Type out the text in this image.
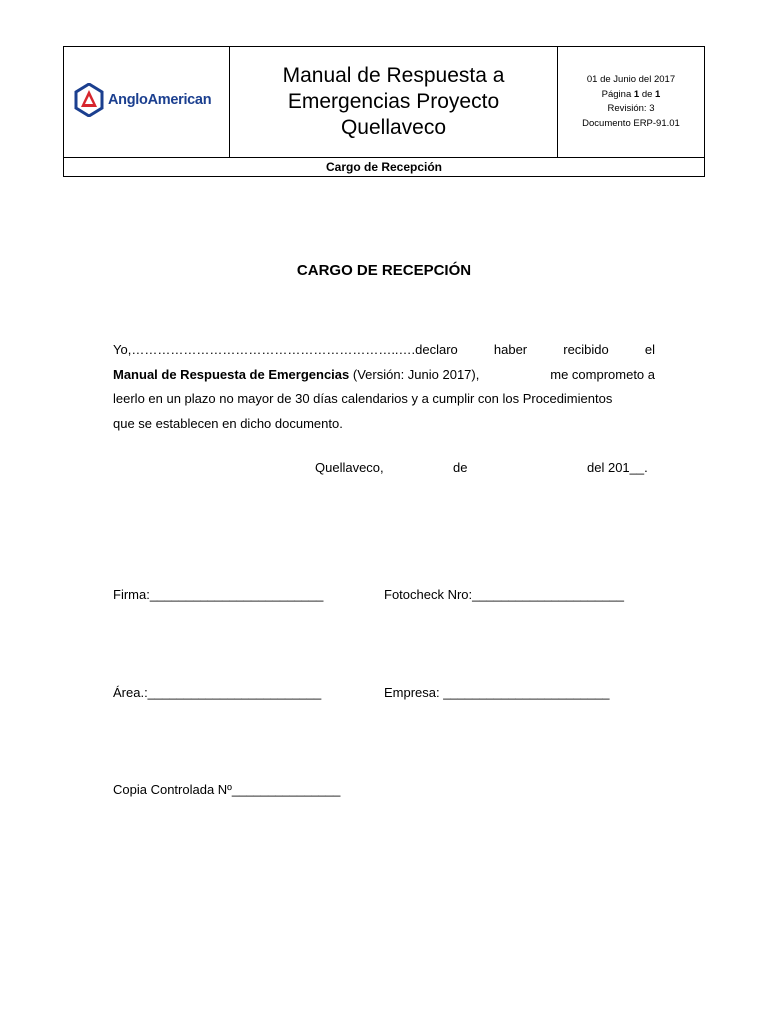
AngloAmerican
Manual de Respuesta a
Emergencias Proyecto
Quellaveco
01 de Junio del 2017
Página 1 de 1
Revisión: 3
Documento ERP-91.01
Cargo de Recepción
CARGO DE RECEPCIÓN
Yo,……………………………………………………..….declaro	haber	recibido	el
Manual de Respuesta de Emergencias (Versión: Junio 2017),	me comprometo a
leerlo en un plazo no mayor de 30 días calendarios y a cumplir con los Procedimientos
que se establecen en dicho documento.
Quellaveco,	de	del 201__.
Firma:________________________	Fotocheck Nro:_____________________
Área.:________________________	Empresa: _______________________
Copia Controlada Nº_______________
